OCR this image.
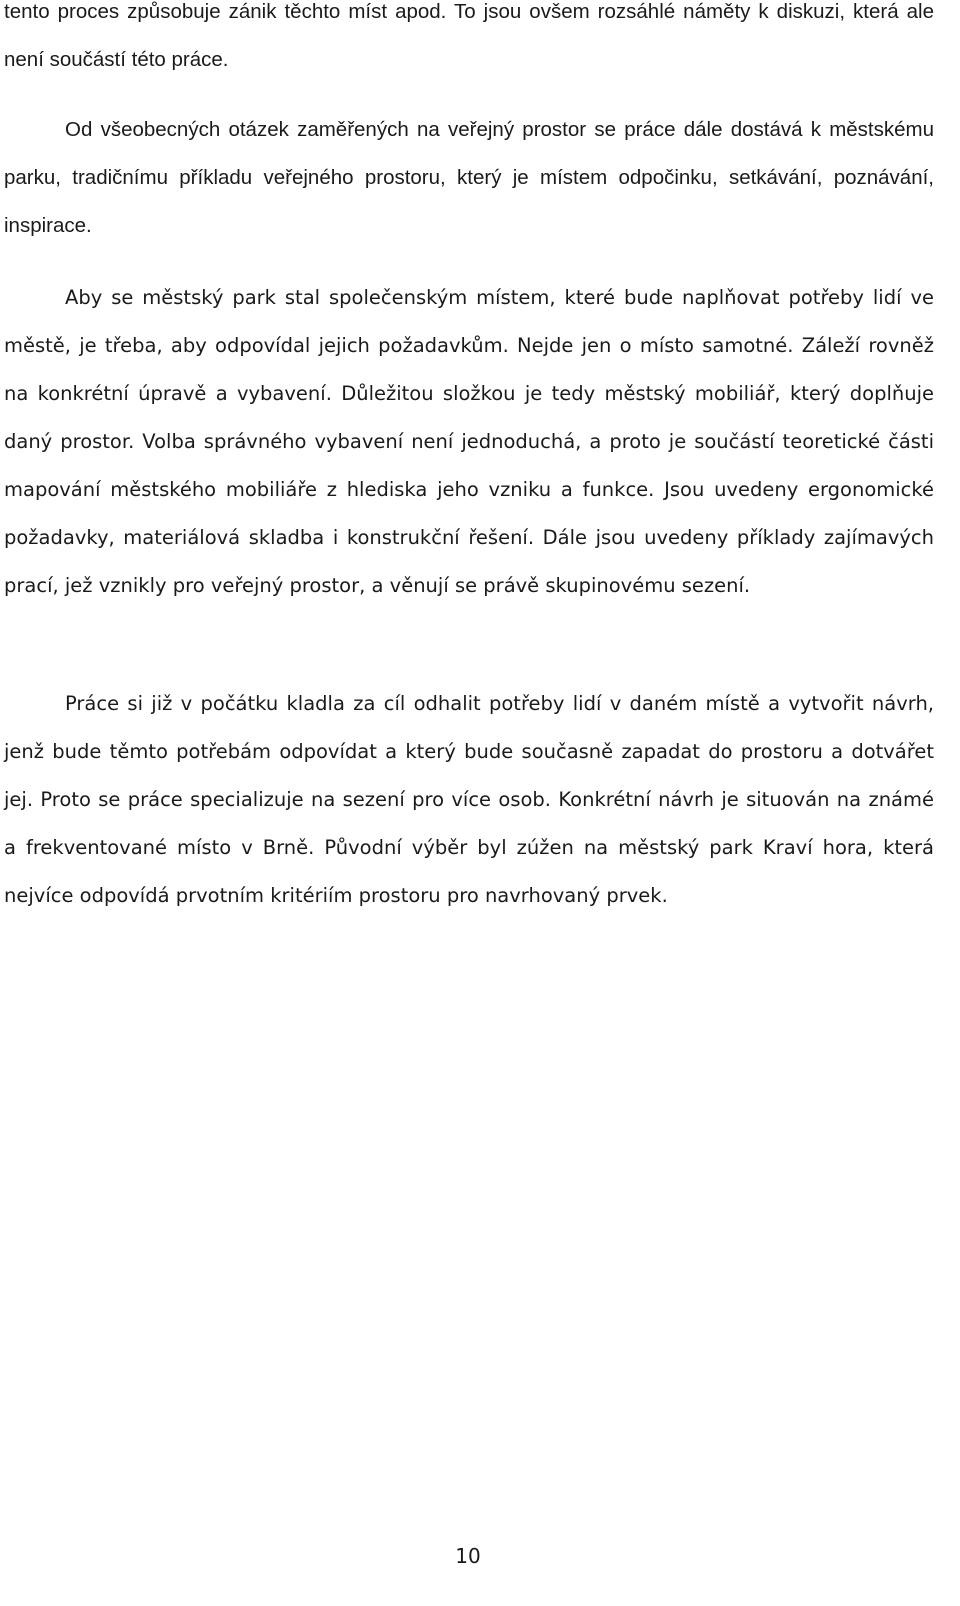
tento proces způsobuje zánik těchto míst apod. To jsou ovšem rozsáhlé náměty k diskuzi, která ale není součástí této práce.

Od všeobecných otázek zaměřených na veřejný prostor se práce dále dostává k městskému parku, tradičnímu příkladu veřejného prostoru, který je místem odpočinku, setkávání, poznávání, inspirace.

Aby se městský park stal společenským místem, které bude naplňovat potřeby lidí ve městě, je třeba, aby odpovídal jejich požadavkům. Nejde jen o místo samotné. Záleží rovněž na konkrétní úpravě a vybavení. Důležitou složkou je tedy městský mobiliář, který doplňuje daný prostor. Volba správného vybavení není jednoduchá, a proto je součástí teoretické části mapování městského mobiliáře z hlediska jeho vzniku a funkce. Jsou uvedeny ergonomické požadavky, materiálová skladba i konstrukční řešení. Dále jsou uvedeny příklady zajímavých prací, jež vznikly pro veřejný prostor, a věnují se právě skupinovému sezení.

Práce si již v počátku kladla za cíl odhalit potřeby lidí v daném místě a vytvořit návrh, jenž bude těmto potřebám odpovídat a který bude současně zapadat do prostoru a dotvářet jej. Proto se práce specializuje na sezení pro více osob. Konkrétní návrh je situován na známé a frekventované místo v Brně. Původní výběr byl zúžen na městský park Kraví hora, která nejvíce odpovídá prvotním kritériím prostoru pro navrhovaný prvek.

10
